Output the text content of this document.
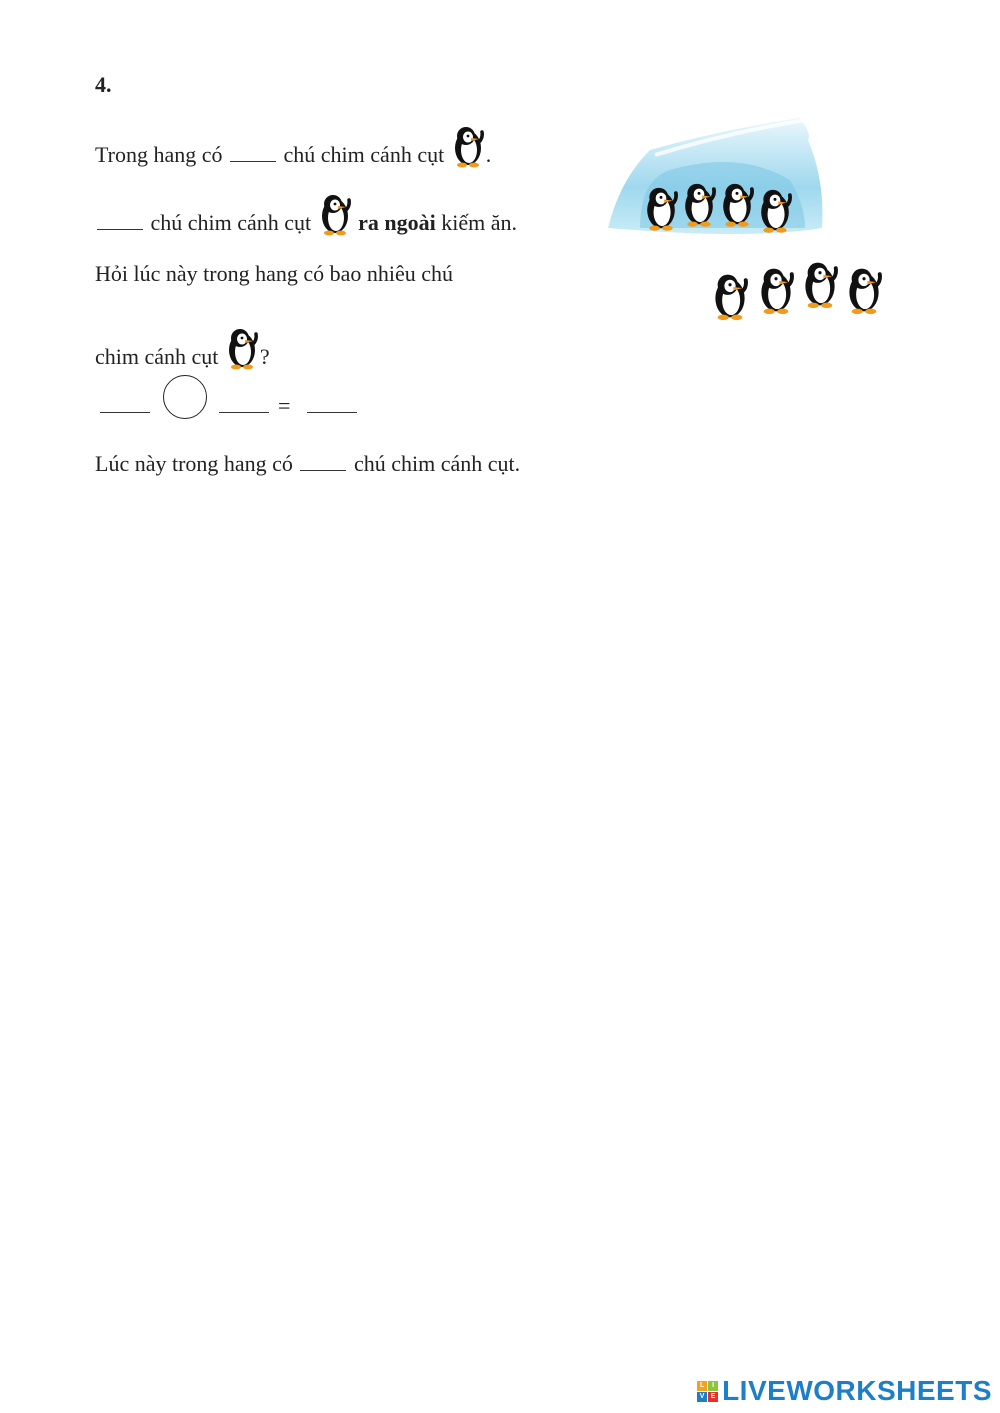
4.
Trong hang có	chú chim cánh cụt .
chú chim cánh cụt ra ngoài kiếm ăn.
Hỏi lúc này trong hang có bao nhiêu chú
chim cánh cụt ?
=
Lúc này trong hang có	chú chim cánh cụt.
L	I
V E LIVEWORKSHEETS
